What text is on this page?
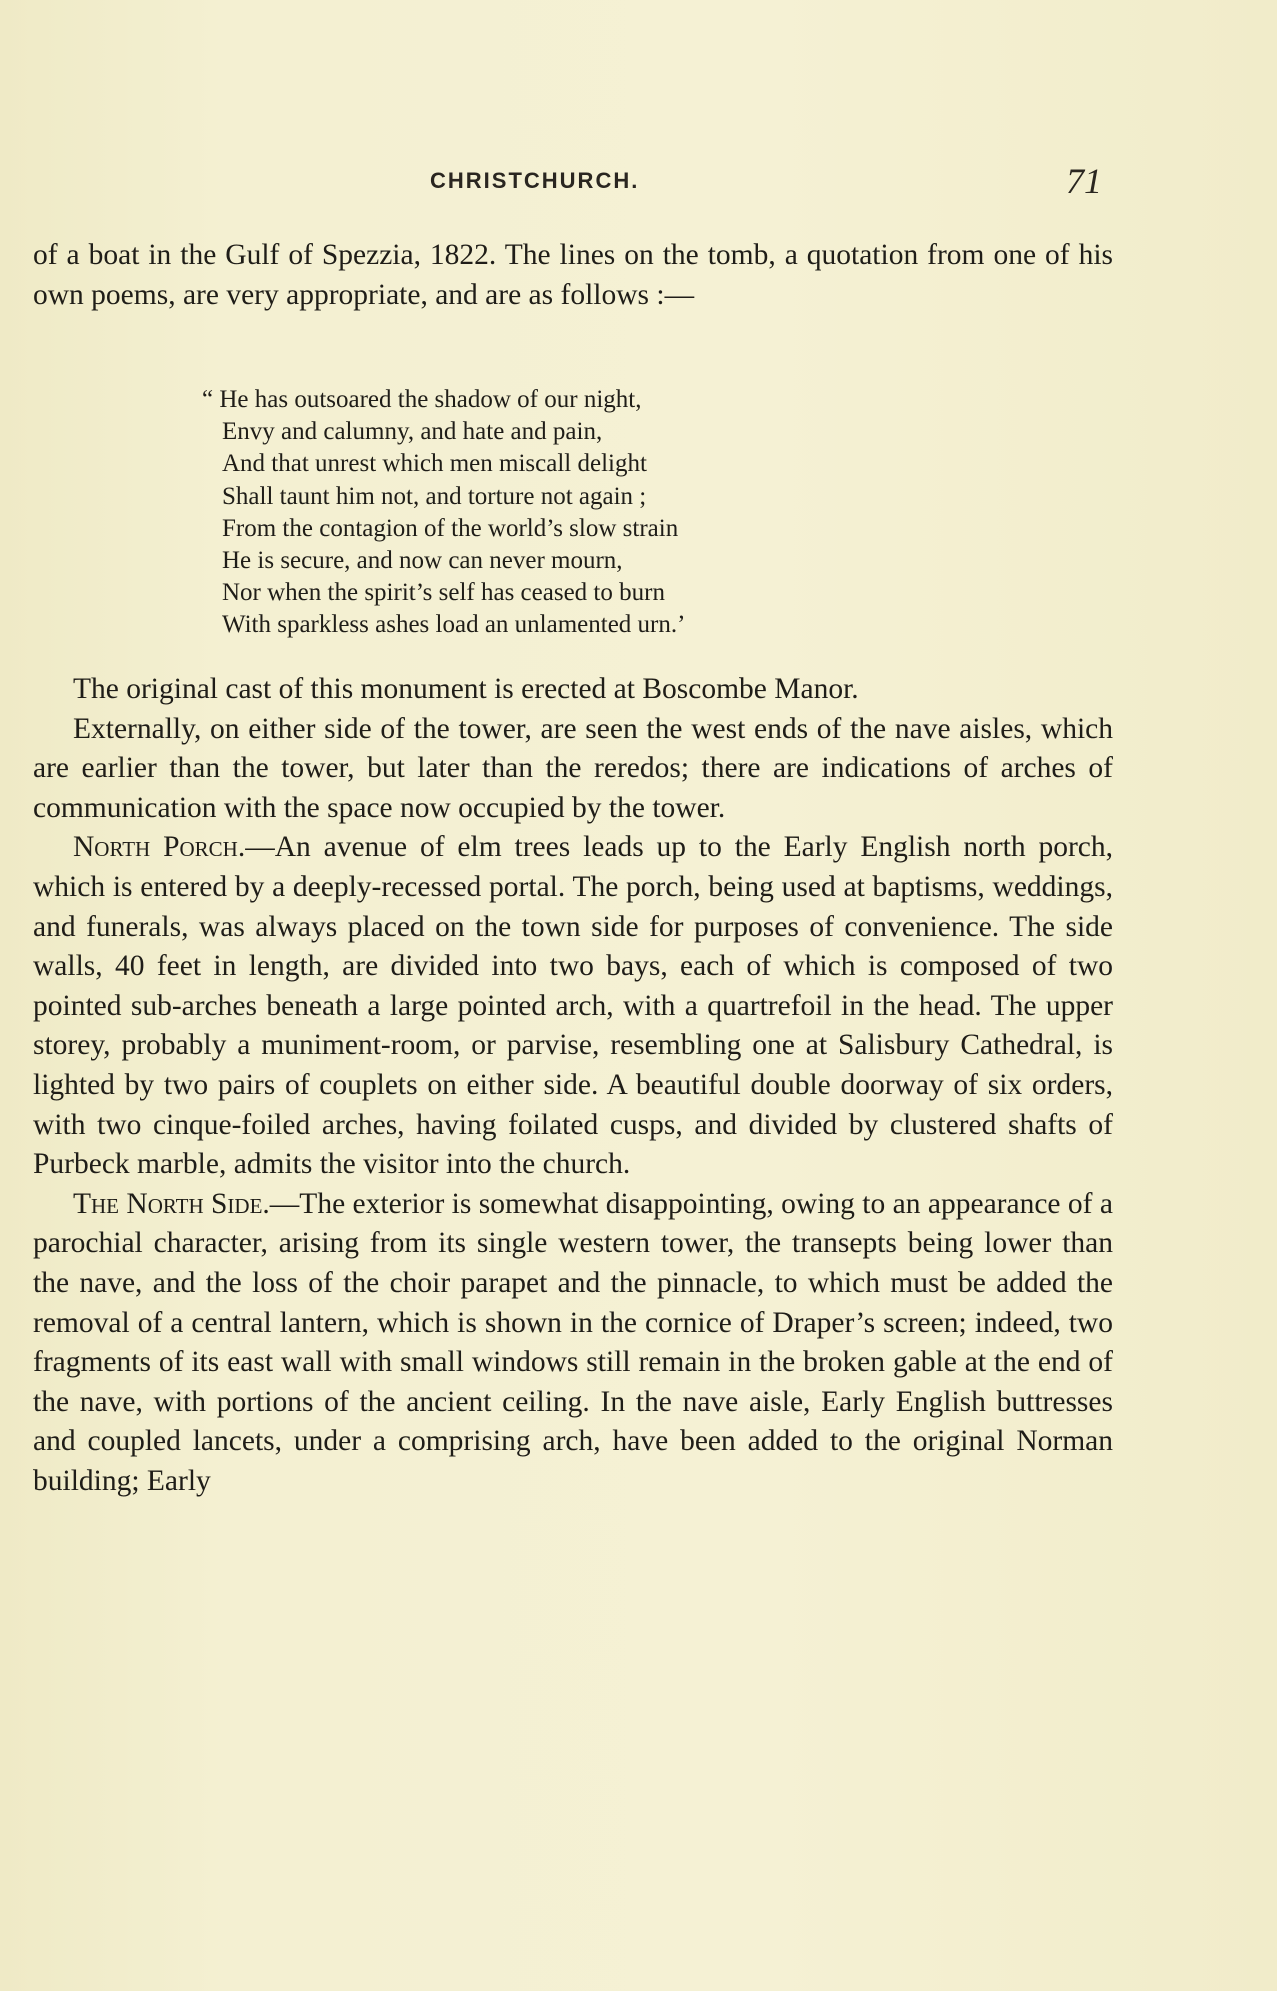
CHRISTCHURCH.	71

of a boat in the Gulf of Spezzia, 1822. The lines on the tomb, a quotation from one of his own poems, are very appropriate, and are as follows :—

“ He has outsoared the shadow of our night,
Envy and calumny, and hate and pain,
And that unrest which men miscall delight
Shall taunt him not, and torture not again ;
From the contagion of the world’s slow strain
He is secure, and now can never mourn,
Nor when the spirit’s self has ceased to burn
With sparkless ashes load an unlamented urn.’

The original cast of this monument is erected at Boscombe Manor.

Externally, on either side of the tower, are seen the west ends of the nave aisles, which are earlier than the tower, but later than the reredos; there are indications of arches of communication with the space now occupied by the tower.

North Porch.—An avenue of elm trees leads up to the Early English north porch, which is entered by a deeply-recessed portal. The porch, being used at baptisms, weddings, and funerals, was always placed on the town side for purposes of convenience. The side walls, 40 feet in length, are divided into two bays, each of which is composed of two pointed sub-arches beneath a large pointed arch, with a quartrefoil in the head. The upper storey, probably a muniment-room, or parvise, resembling one at Salisbury Cathedral, is lighted by two pairs of couplets on either side. A beautiful double doorway of six orders, with two cinque-foiled arches, having foilated cusps, and divided by clustered shafts of Purbeck marble, admits the visitor into the church.

The North Side.—The exterior is somewhat disappointing, owing to an appearance of a parochial character, arising from its single western tower, the transepts being lower than the nave, and the loss of the choir parapet and the pinnacle, to which must be added the removal of a central lantern, which is shown in the cornice of Draper’s screen; indeed, two fragments of its east wall with small windows still remain in the broken gable at the end of the nave, with portions of the ancient ceiling. In the nave aisle, Early English buttresses and coupled lancets, under a comprising arch, have been added to the original Norman building; Early
